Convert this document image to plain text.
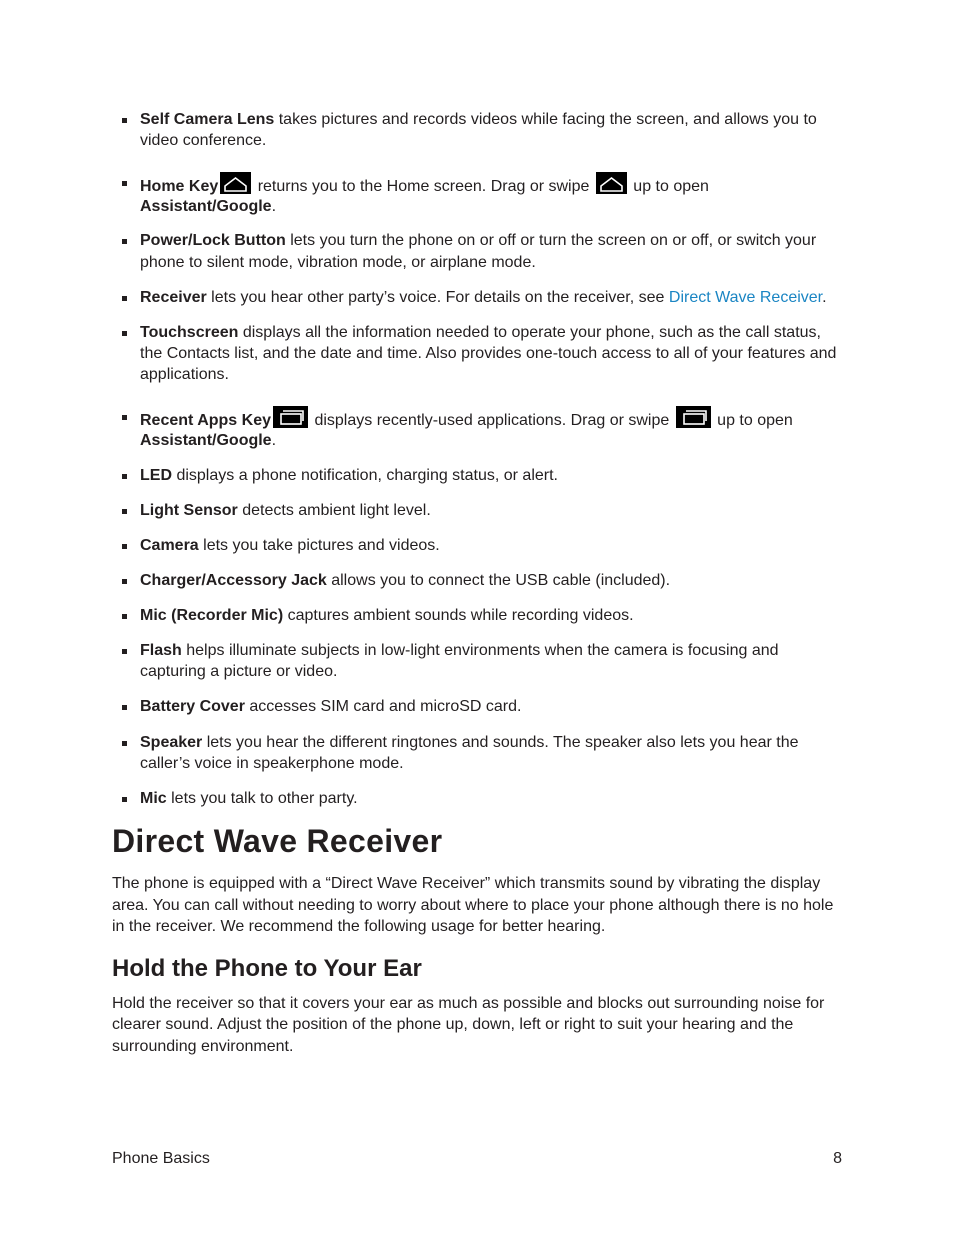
Self Camera Lens takes pictures and records videos while facing the screen, and allows you to video conference.
Home Key
returns you to the Home screen. Drag or swipe
up to open
Assistant/Google.
Power/Lock Button lets you turn the phone on or off or turn the screen on or off, or switch your phone to silent mode, vibration mode, or airplane mode.
Receiver lets you hear other party’s voice. For details on the receiver, see Direct Wave Receiver.
Touchscreen displays all the information needed to operate your phone, such as the call status, the Contacts list, and the date and time. Also provides one-touch access to all of your features and applications.
Recent Apps Key
displays recently-used applications. Drag or swipe
up to open
Assistant/Google.
LED displays a phone notification, charging status, or alert.
Light Sensor detects ambient light level.
Camera lets you take pictures and videos.
Charger/Accessory Jack allows you to connect the USB cable (included).
Mic (Recorder Mic) captures ambient sounds while recording videos.
Flash helps illuminate subjects in low-light environments when the camera is focusing and capturing a picture or video.
Battery Cover accesses SIM card and microSD card.
Speaker lets you hear the different ringtones and sounds. The speaker also lets you hear the caller’s voice in speakerphone mode.
Mic lets you talk to other party.
Direct Wave Receiver

The phone is equipped with a “Direct Wave Receiver” which transmits sound by vibrating the display area. You can call without needing to worry about where to place your phone although there is no hole in the receiver. We recommend the following usage for better hearing.

Hold the Phone to Your Ear

Hold the receiver so that it covers your ear as much as possible and blocks out surrounding noise for clearer sound. Adjust the position of the phone up, down, left or right to suit your hearing and the surrounding environment.

Phone Basics	8
